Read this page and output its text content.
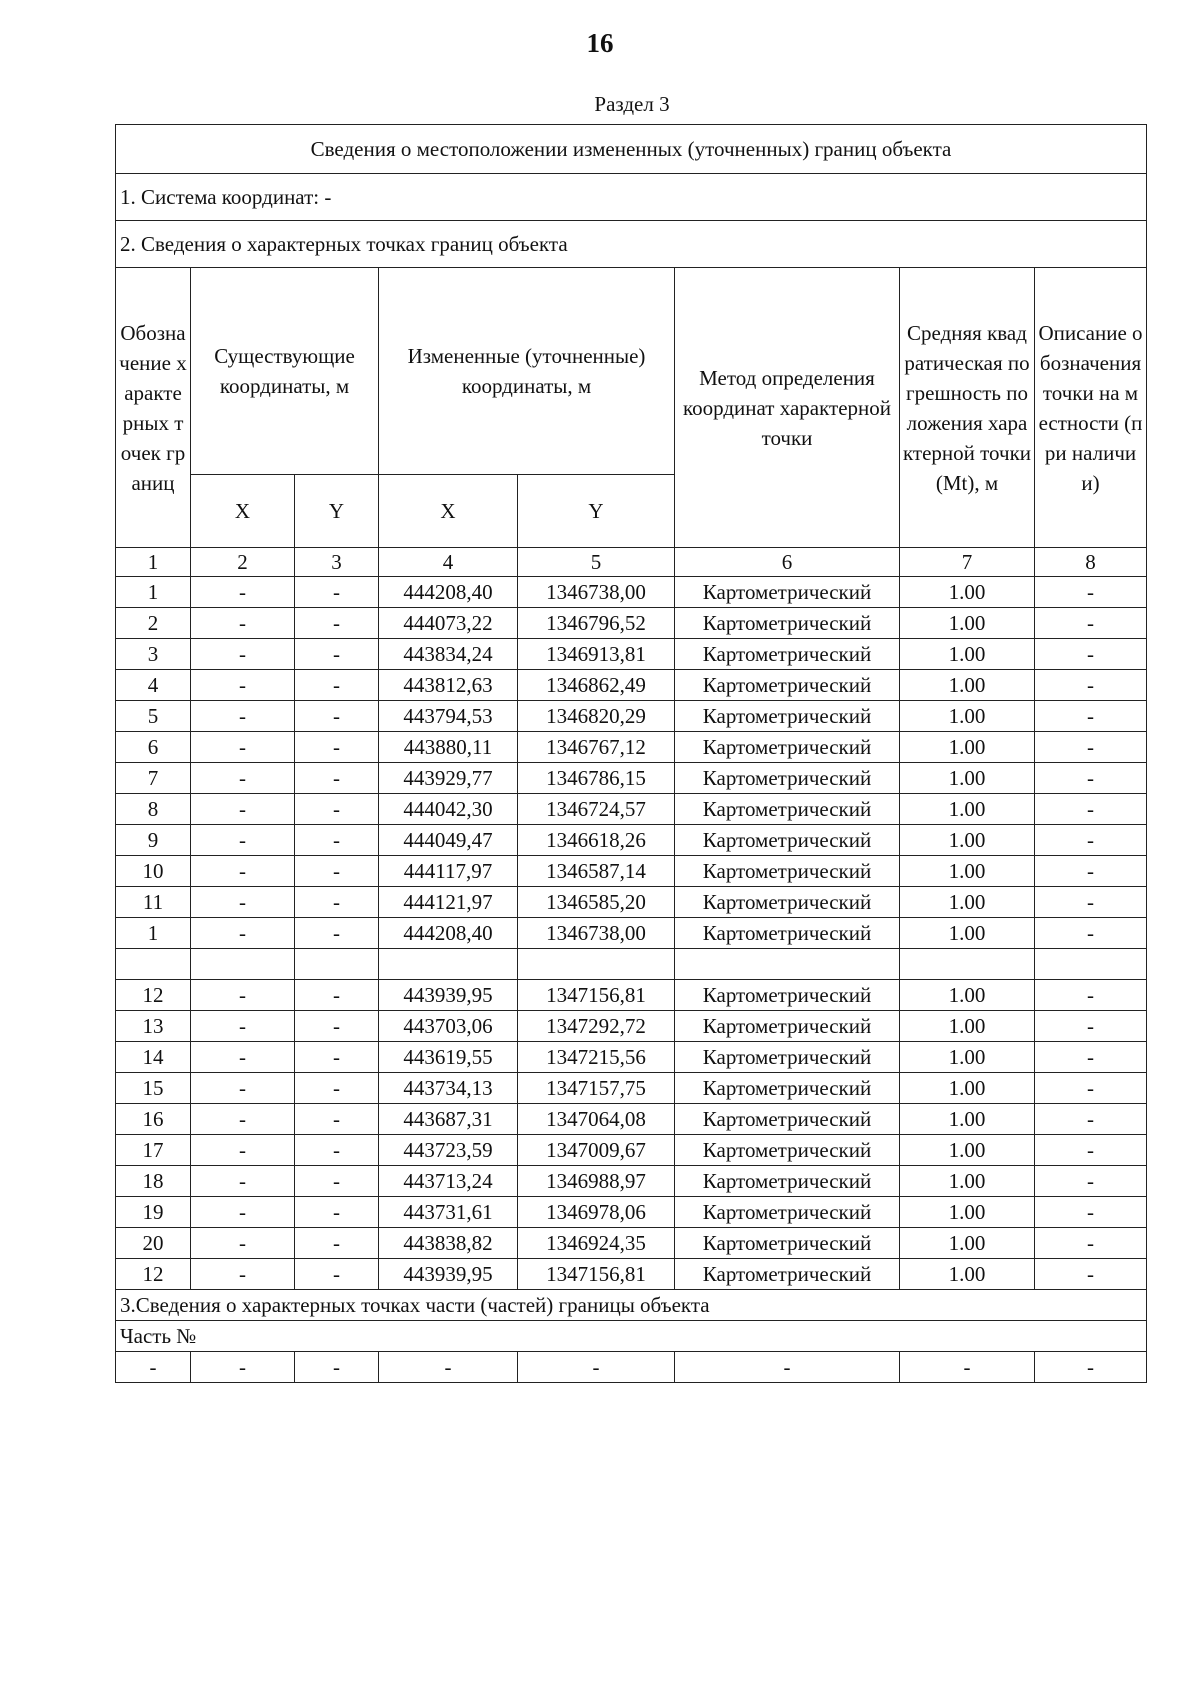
16
Раздел 3
Сведения о местоположении измененных (уточненных) границ объекта							
1. Система координат: -							
2. Сведения о характерных точках границ объекта							
Обозначение характерных точек границ	Существующие координаты, м		Измененные (уточненные) координаты, м		Метод определения координат характерной точки	Средняя квадратическая погрешность положения характерной точки (Mt), м	Описание обозначения точки на местности (при наличии)
	X	Y	X	Y			
1	2	3	4	5	6	7	8
1	-	-	444208,40	1346738,00	Картометрический	1.00	-
2	-	-	444073,22	1346796,52	Картометрический	1.00	-
3	-	-	443834,24	1346913,81	Картометрический	1.00	-
4	-	-	443812,63	1346862,49	Картометрический	1.00	-
5	-	-	443794,53	1346820,29	Картометрический	1.00	-
6	-	-	443880,11	1346767,12	Картометрический	1.00	-
7	-	-	443929,77	1346786,15	Картометрический	1.00	-
8	-	-	444042,30	1346724,57	Картометрический	1.00	-
9	-	-	444049,47	1346618,26	Картометрический	1.00	-
10	-	-	444117,97	1346587,14	Картометрический	1.00	-
11	-	-	444121,97	1346585,20	Картометрический	1.00	-
1	-	-	444208,40	1346738,00	Картометрический	1.00	-

12	-	-	443939,95	1347156,81	Картометрический	1.00	-
13	-	-	443703,06	1347292,72	Картометрический	1.00	-
14	-	-	443619,55	1347215,56	Картометрический	1.00	-
15	-	-	443734,13	1347157,75	Картометрический	1.00	-
16	-	-	443687,31	1347064,08	Картометрический	1.00	-
17	-	-	443723,59	1347009,67	Картометрический	1.00	-
18	-	-	443713,24	1346988,97	Картометрический	1.00	-
19	-	-	443731,61	1346978,06	Картометрический	1.00	-
20	-	-	443838,82	1346924,35	Картометрический	1.00	-
12	-	-	443939,95	1347156,81	Картометрический	1.00	-
3.Сведения о характерных точках части (частей) границы объекта							
Часть №							
-	-	-	-	-	-	-	-
